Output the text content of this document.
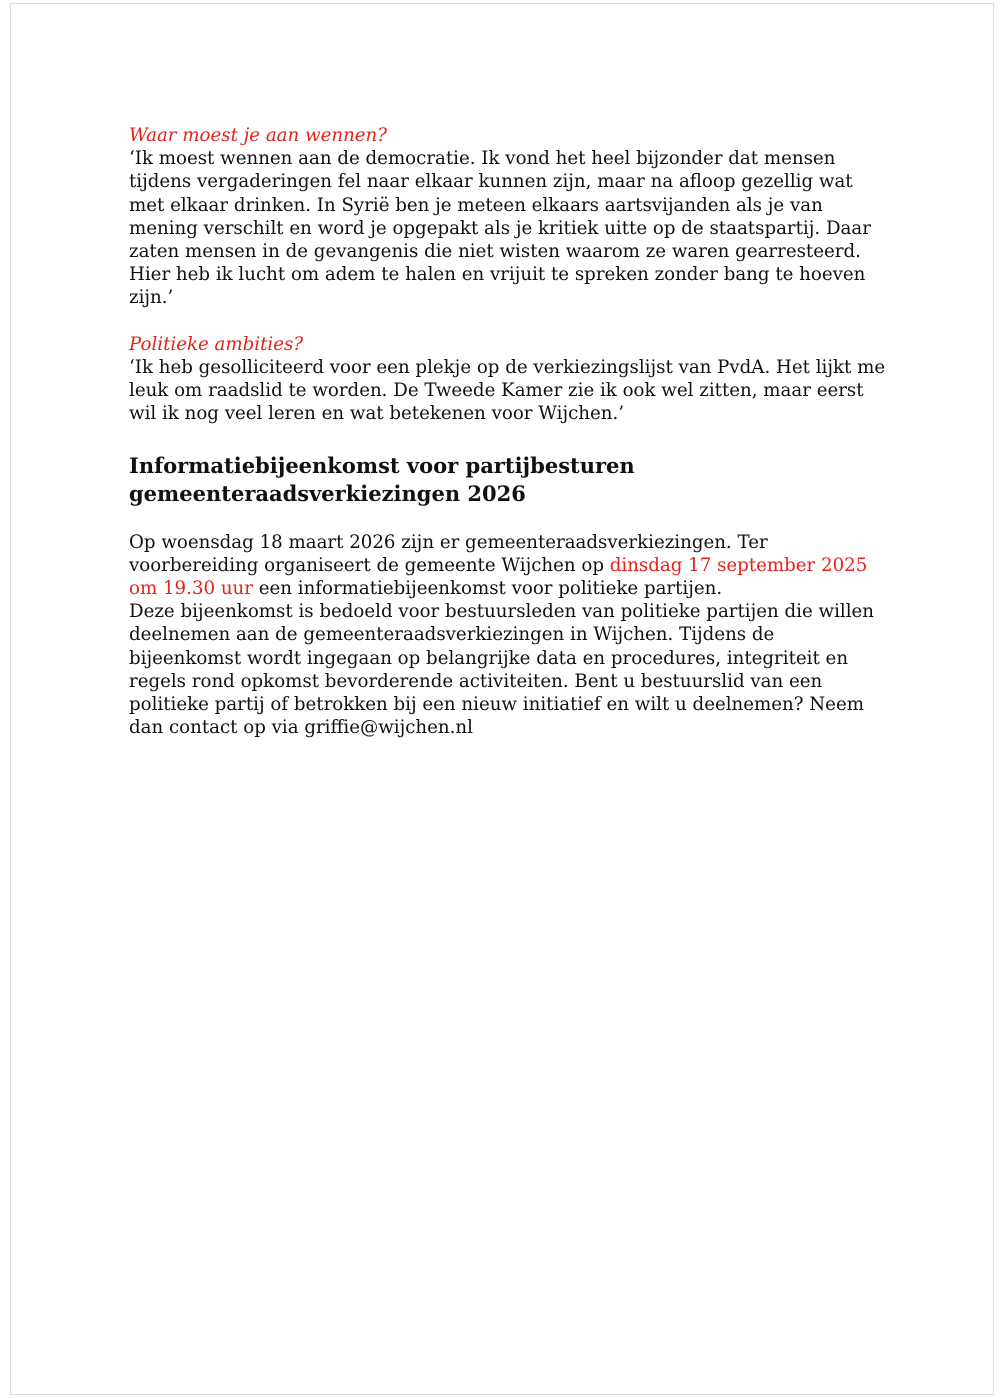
Waar moest je aan wennen?

‘Ik moest wennen aan de democratie. Ik vond het heel bijzonder dat mensen tijdens vergaderingen fel naar elkaar kunnen zijn, maar na afloop gezellig wat met elkaar drinken. In Syrië ben je meteen elkaars aartsvijanden als je van mening verschilt en word je opgepakt als je kritiek uitte op de staatspartij. Daar zaten mensen in de gevangenis die niet wisten waarom ze waren gearresteerd. Hier heb ik lucht om adem te halen en vrijuit te spreken zonder bang te hoeven zijn.’

Politieke ambities?

‘Ik heb gesolliciteerd voor een plekje op de verkiezingslijst van PvdA. Het lijkt me leuk om raadslid te worden. De Tweede Kamer zie ik ook wel zitten, maar eerst wil ik nog veel leren en wat betekenen voor Wijchen.’

Informatiebijeenkomst voor partijbesturen
gemeenteraadsverkiezingen 2026

Op woensdag 18 maart 2026 zijn er gemeenteraadsverkiezingen. Ter voorbereiding organiseert de gemeente Wijchen op dinsdag 17 september 2025 om 19.30 uur een informatiebijeenkomst voor politieke partijen.

Deze bijeenkomst is bedoeld voor bestuursleden van politieke partijen die willen deelnemen aan de gemeenteraadsverkiezingen in Wijchen. Tijdens de bijeenkomst wordt ingegaan op belangrijke data en procedures, integriteit en regels rond opkomst bevorderende activiteiten. Bent u bestuurslid van een politieke partij of betrokken bij een nieuw initiatief en wilt u deelnemen? Neem dan contact op via griffie@wijchen.nl
